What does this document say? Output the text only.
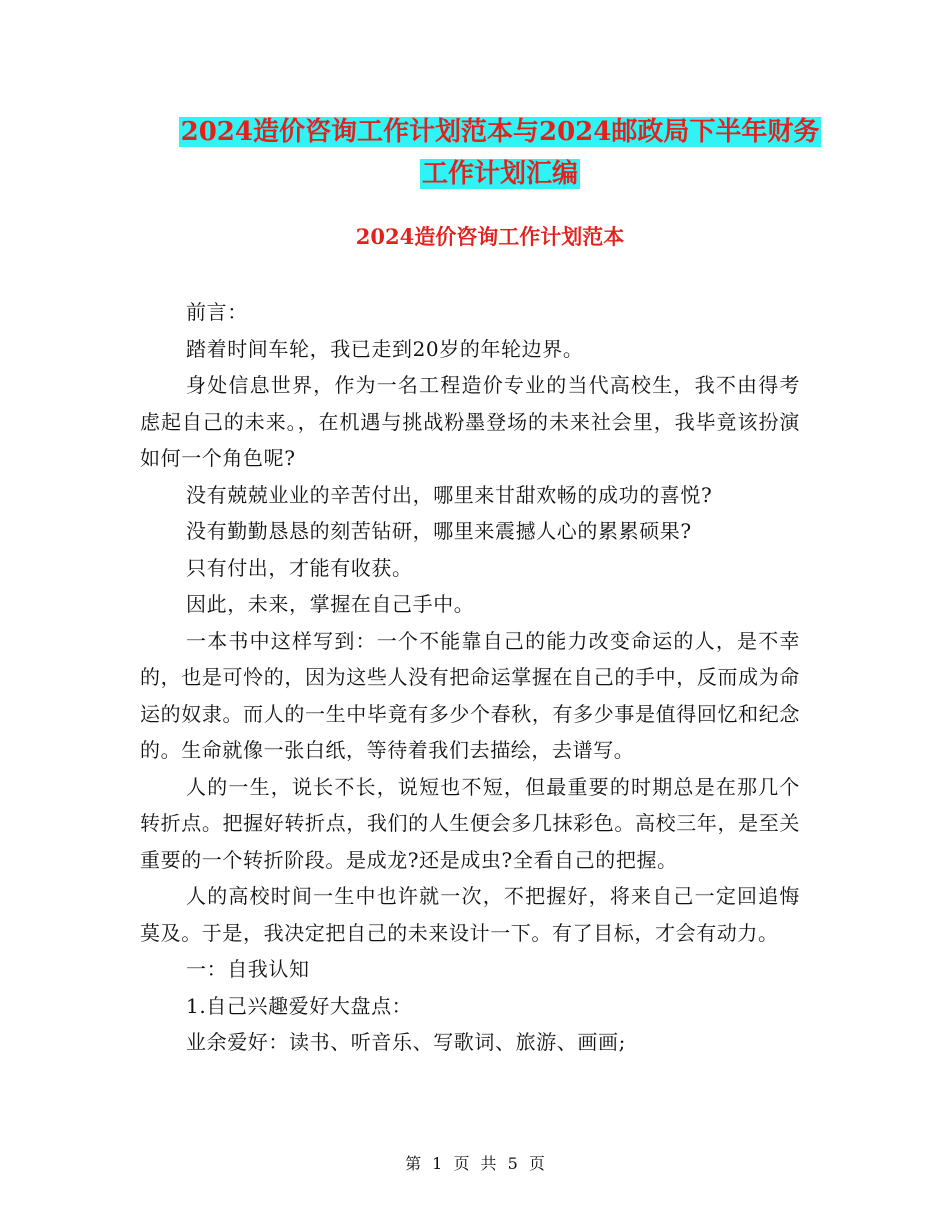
2024造价咨询工作计划范本与2024邮政局下半年财务
工作计划汇编
2024造价咨询工作计划范本

前言：

踏着时间车轮，我已走到20岁的年轮边界。

身处信息世界，作为一名工程造价专业的当代高校生，我不由得考虑起自己的未来。，在机遇与挑战粉墨登场的未来社会里，我毕竟该扮演如何一个角色呢?

没有兢兢业业的辛苦付出，哪里来甘甜欢畅的成功的喜悦?

没有勤勤恳恳的刻苦钻研，哪里来震撼人心的累累硕果?

只有付出，才能有收获。

因此，未来，掌握在自己手中。

一本书中这样写到：一个不能靠自己的能力改变命运的人，是不幸的，也是可怜的，因为这些人没有把命运掌握在自己的手中，反而成为命运的奴隶。而人的一生中毕竟有多少个春秋，有多少事是值得回忆和纪念的。生命就像一张白纸，等待着我们去描绘，去谱写。

人的一生，说长不长，说短也不短，但最重要的时期总是在那几个转折点。把握好转折点，我们的人生便会多几抹彩色。高校三年，是至关重要的一个转折阶段。是成龙?还是成虫?全看自己的把握。

人的高校时间一生中也许就一次，不把握好，将来自己一定回追悔莫及。于是，我决定把自己的未来设计一下。有了目标，才会有动力。

一：自我认知

1.自己兴趣爱好大盘点：

业余爱好：读书、听音乐、写歌词、旅游、画画;

第 1 页 共 5 页
